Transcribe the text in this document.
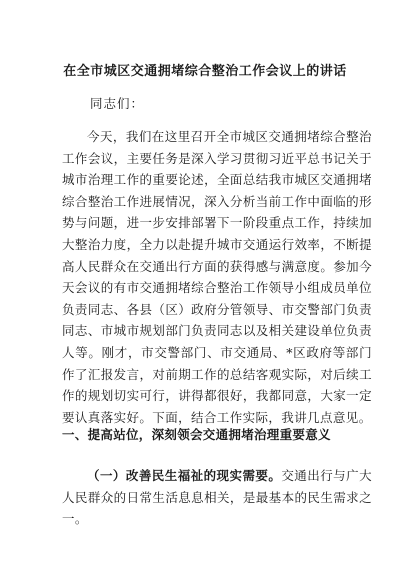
在全市城区交通拥堵综合整治工作会议上的讲话
同志们：
今天，我们在这里召开全市城区交通拥堵综合整治工作会议，主要任务是深入学习贯彻习近平总书记关于城市治理工作的重要论述，全面总结我市城区交通拥堵综合整治工作进展情况，深入分析当前工作中面临的形势与问题，进一步安排部署下一阶段重点工作，持续加大整治力度，全力以赴提升城市交通运行效率，不断提高人民群众在交通出行方面的获得感与满意度。参加今天会议的有市交通拥堵综合整治工作领导小组成员单位负责同志、各县（区）政府分管领导、市交警部门负责同志、市城市规划部门负责同志以及相关建设单位负责人等。刚才，市交警部门、市交通局、*区政府等部门作了汇报发言，对前期工作的总结客观实际，对后续工作的规划切实可行，讲得都很好，我都同意，大家一定要认真落实好。下面，结合工作实际，我讲几点意见。
一、提高站位，深刻领会交通拥堵治理重要意义
（一）改善民生福祉的现实需要。交通出行与广大人民群众的日常生活息息相关，是最基本的民生需求之一。
